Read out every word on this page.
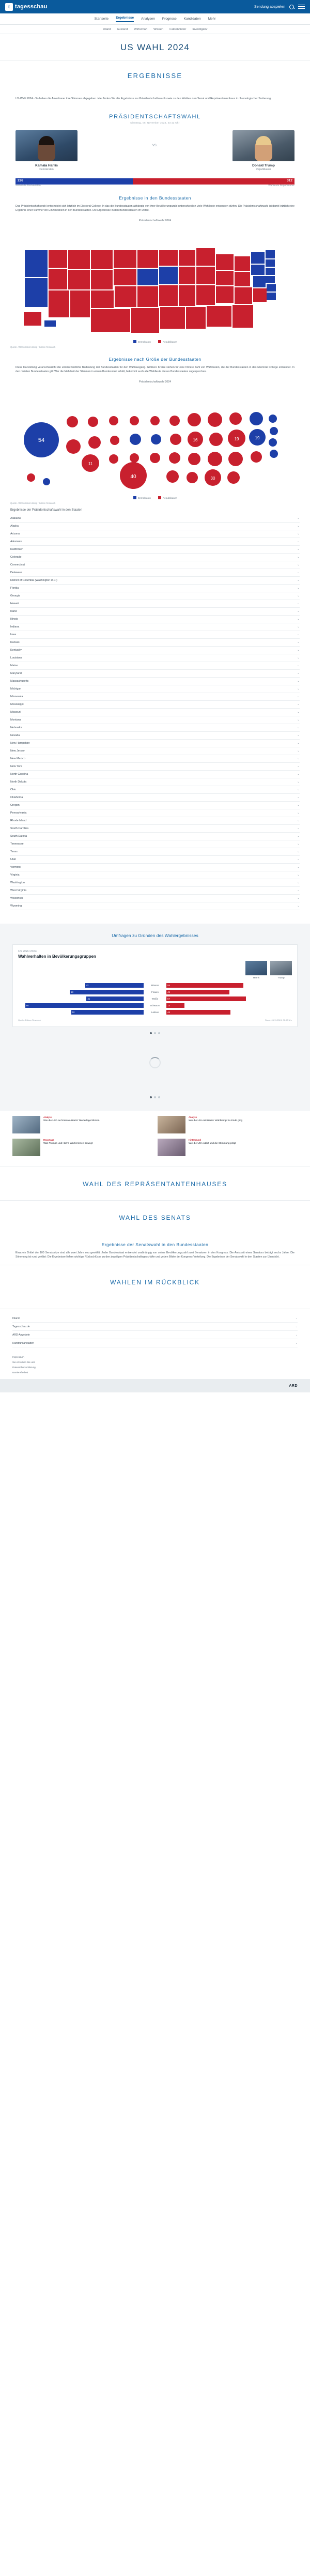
t tagesschau	Sendung abspielen
Startseite Ergebnisse Analysen Prognose Kandidaten Mehr
Inland Ausland Wirtschaft Wissen Faktenfinder Investigativ
US WAHL 2024
ERGEBNISSE

US-Wahl 2024 - So haben die Amerikaner ihre Stimmen abgegeben. Hier finden Sie alle Ergebnisse zur Präsidentschaftswahl sowie zu den Wahlen zum Senat und Repräsentantenhaus in chronologischer Sortierung.

PRÄSIDENTSCHAFTSWAHL
Dienstag, 05. November 2024, 23:12 Uhr
Kamala Harris
Demokraten
vs.
Donald Trump
Republikaner
226	312
Wahlleute Demokraten	Wahlleute Republikaner
Ergebnisse in den Bundesstaaten

Das Präsidentschaftswahl entscheidet sich letztlich im Electoral College. In das die Bundesstaaten abhängig von ihrer Bevölkerungszahl unterschiedlich viele Wahlleute entsenden dürfen. Die Präsidentschaftswahl ist damit letztlich eine Ergebnis einer Summe von Einzelwahlen in den Bundesstaaten. Die Ergebnisse in den Bundesstaaten im Detail.

Präsidentschaftswahl 2024
Demokraten	Republikaner
Quelle: ARD/Infratest dimap / Edison Research
Ergebnisse nach Größe der Bundesstaaten

Diese Darstellung veranschaulicht die unterschiedliche Bedeutung der Bundesstaaten für den Wahlausgang. Größere Kreise stehen für eine höhere Zahl von Wahlleuten, die der Bundesstaaten in das Electoral College entsendet. In den meisten Bundesstaaten gilt: Wer die Mehrheit der Stimmen in einem Bundesstaat erhält, bekommt auch alle Wahlleute dieses Bundesstaates zugesprochen.

Präsidentschaftswahl 2024
54
11
40
16
30
19	19
Demokraten	Republikaner
Quelle: ARD/Infratest dimap / Edison Research
Ergebnisse der Präsidentschaftswahl in den Staaten
Alabama	⌄
Alaska	⌄
Arizona	⌄
Arkansas	⌄
Kalifornien	⌄
Colorado	⌄
Connecticut	⌄
Delaware	⌄
District of Columbia (Washington D.C.)	⌄
Florida	⌄
Georgia	⌄
Hawaii	⌄
Idaho	⌄
Illinois	⌄
Indiana	⌄
Iowa	⌄
Kansas	⌄
Kentucky	⌄
Louisiana	⌄
Maine	⌄
Maryland	⌄
Massachusetts	⌄
Michigan	⌄
Minnesota	⌄
Mississippi	⌄
Missouri	⌄
Montana	⌄
Nebraska	⌄
Nevada	⌄
New Hampshire	⌄
New Jersey	⌄
New Mexico	⌄
New York	⌄
North Carolina	⌄
North Dakota	⌄
Ohio	⌄
Oklahoma	⌄
Oregon	⌄
Pennsylvania	⌄
Rhode Island	⌄
South Carolina	⌄
South Dakota	⌄
Tennessee	⌄
Texas	⌄
Utah	⌄
Vermont	⌄
Virginia	⌄
Washington	⌄
West Virginia	⌄
Wisconsin	⌄
Wyoming	⌄
Umfragen zu Gründen des Wahlergebnisses
US Wahl 2024
Wahlverhalten in Bevölkerungsgruppen
Harris	Trump
42	Männer	55
53	Frauen	45
41	Weiße	57
85	Schwarze	13
52	Latinos	46
Quelle: Edison Research	Stand: 06.11.2024, 08:00 Uhr
Analyse
Wie die USA auf Kamala Harris' Niederlage blicken
Analyse
Wie die USA mit Harris' Wahlkampf zu Ende ging
Reportage
Was Trumps und Harris Wählerinnen bewegt
Hintergrund
Wie die USA wählt und die Stimmung prägt
WAHL DES REPRÄSENTANTENHAUSES
WAHL DES SENATS
Ergebnisse der Senatswahl in den Bundesstaaten

Etwa ein Drittel der 100 Senatssitze sind alle zwei Jahre neu gewählt. Jeder Bundesstaat entsendet unabhängig von seiner Bevölkerungszahl zwei Senatoren in den Kongress. Die Amtszeit eines Senators beträgt sechs Jahre. Die Stimmung ist rund geklärt: Die Ergebnisse liefern wichtige Rückschlüsse zu den jeweiligen Präsidentschaftsgeschäfte und geben Bilder der Kongress-Verteilung. Die Ergebnisse der Senatswahl in den Staaten zur Übersicht.

WAHLEN IM RÜCKBLICK
Inland	⌄
Tagesschau.de	⌄
ARD-Angebote	⌄
Rundfunkanstalten	⌄
Impressum
Sie erreichen Sie uns
Datenschutzerklärung
Barrierefreiheit
ARD
